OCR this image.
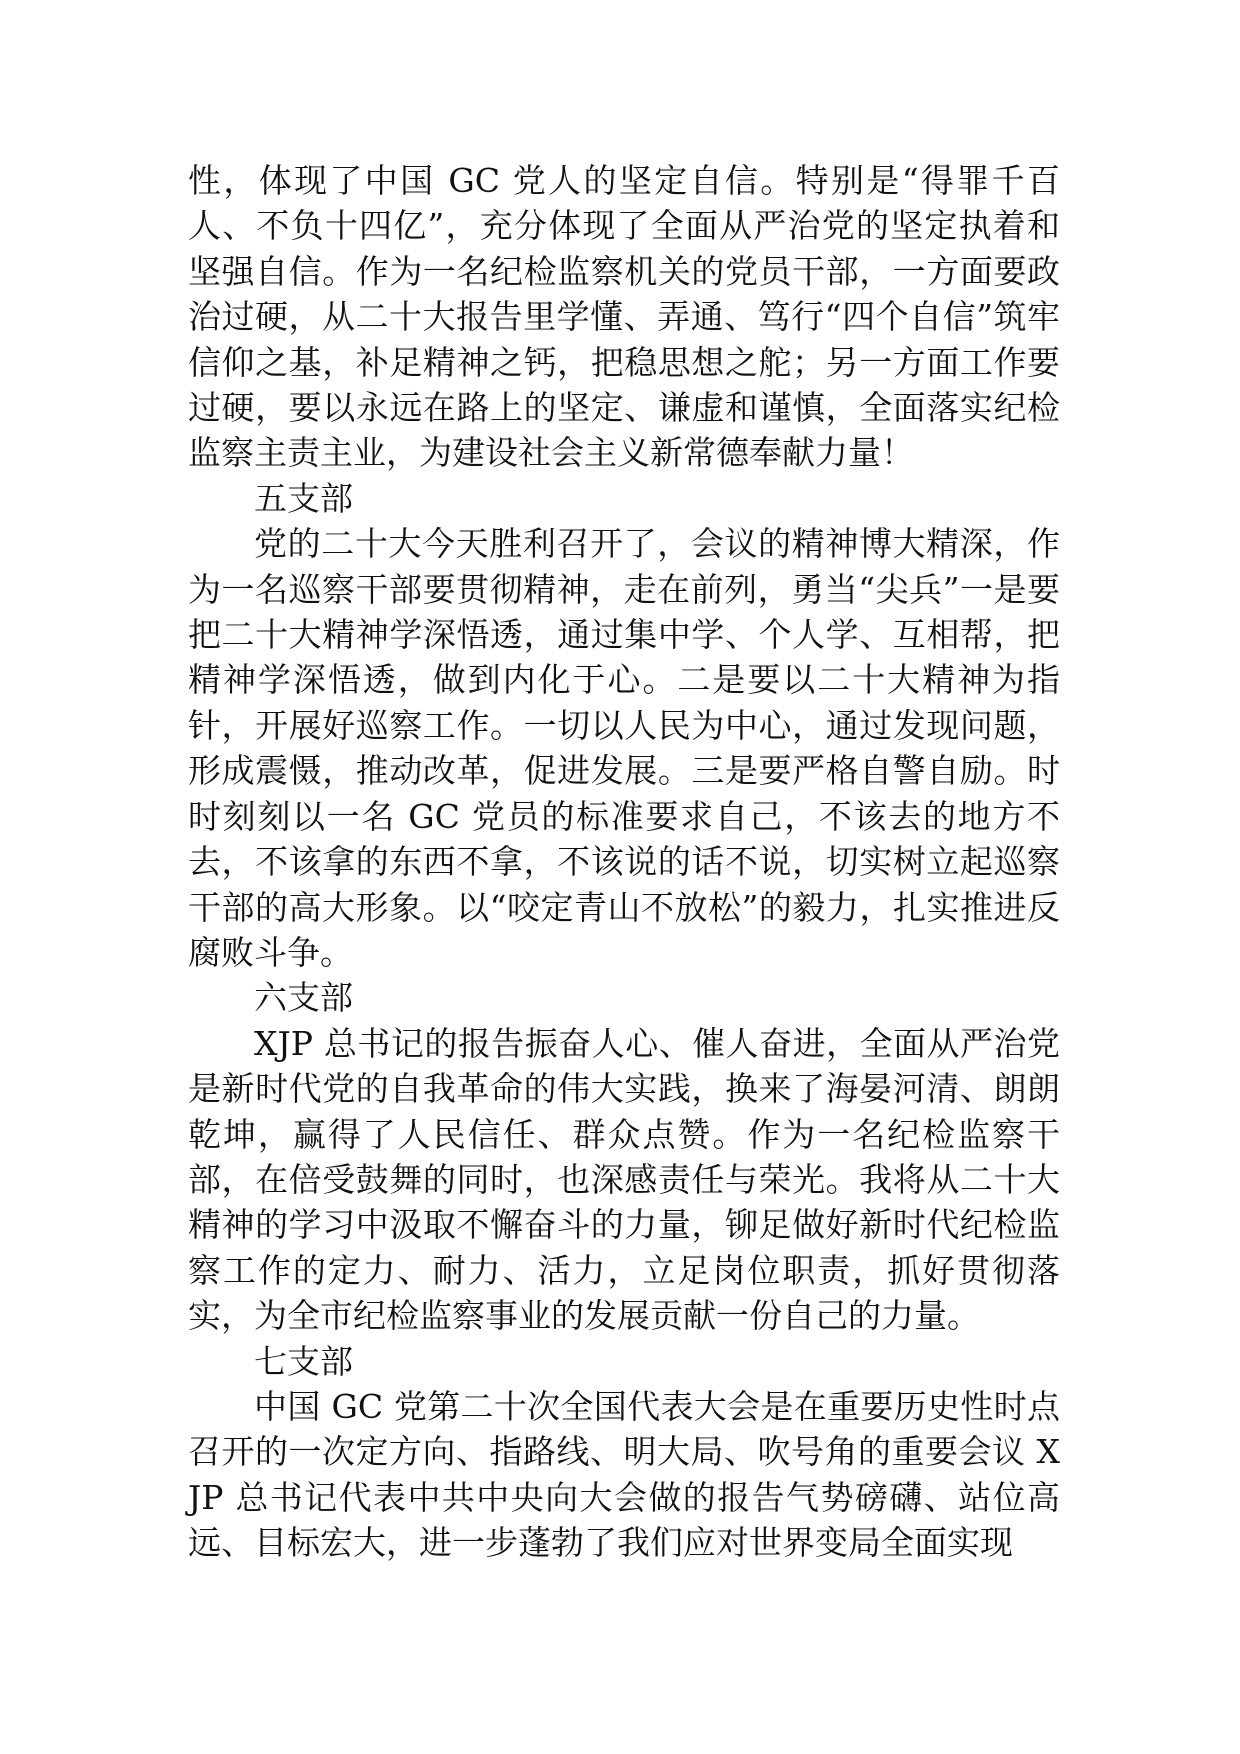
性，体现了中国 GC 党人的坚定自信。特别是“得罪千百人、不负十四亿”，充分体现了全面从严治党的坚定执着和坚强自信。作为一名纪检监察机关的党员干部，一方面要政治过硬，从二十大报告里学懂、弄通、笃行“四个自信”筑牢信仰之基，补足精神之钙，把稳思想之舵；另一方面工作要过硬，要以永远在路上的坚定、谦虚和谨慎，全面落实纪检监察主责主业，为建设社会主义新常德奉献力量！

五支部

党的二十大今天胜利召开了，会议的精神博大精深，作为一名巡察干部要贯彻精神，走在前列，勇当“尖兵”一是要把二十大精神学深悟透，通过集中学、个人学、互相帮，把精神学深悟透，做到内化于心。二是要以二十大精神为指针，开展好巡察工作。一切以人民为中心，通过发现问题，形成震慑，推动改革，促进发展。三是要严格自警自励。时时刻刻以一名 GC 党员的标准要求自己，不该去的地方不去，不该拿的东西不拿，不该说的话不说，切实树立起巡察干部的高大形象。以“咬定青山不放松”的毅力，扎实推进反腐败斗争。

六支部

XJP 总书记的报告振奋人心、催人奋进，全面从严治党是新时代党的自我革命的伟大实践，换来了海晏河清、朗朗乾坤，赢得了人民信任、群众点赞。作为一名纪检监察干部，在倍受鼓舞的同时，也深感责任与荣光。我将从二十大精神的学习中汲取不懈奋斗的力量，铆足做好新时代纪检监察工作的定力、耐力、活力，立足岗位职责，抓好贯彻落实，为全市纪检监察事业的发展贡献一份自己的力量。

七支部

中国 GC 党第二十次全国代表大会是在重要历史性时点召开的一次定方向、指路线、明大局、吹号角的重要会议 XJP 总书记代表中共中央向大会做的报告气势磅礴、站位高远、目标宏大，进一步蓬勃了我们应对世界变局全面实现
